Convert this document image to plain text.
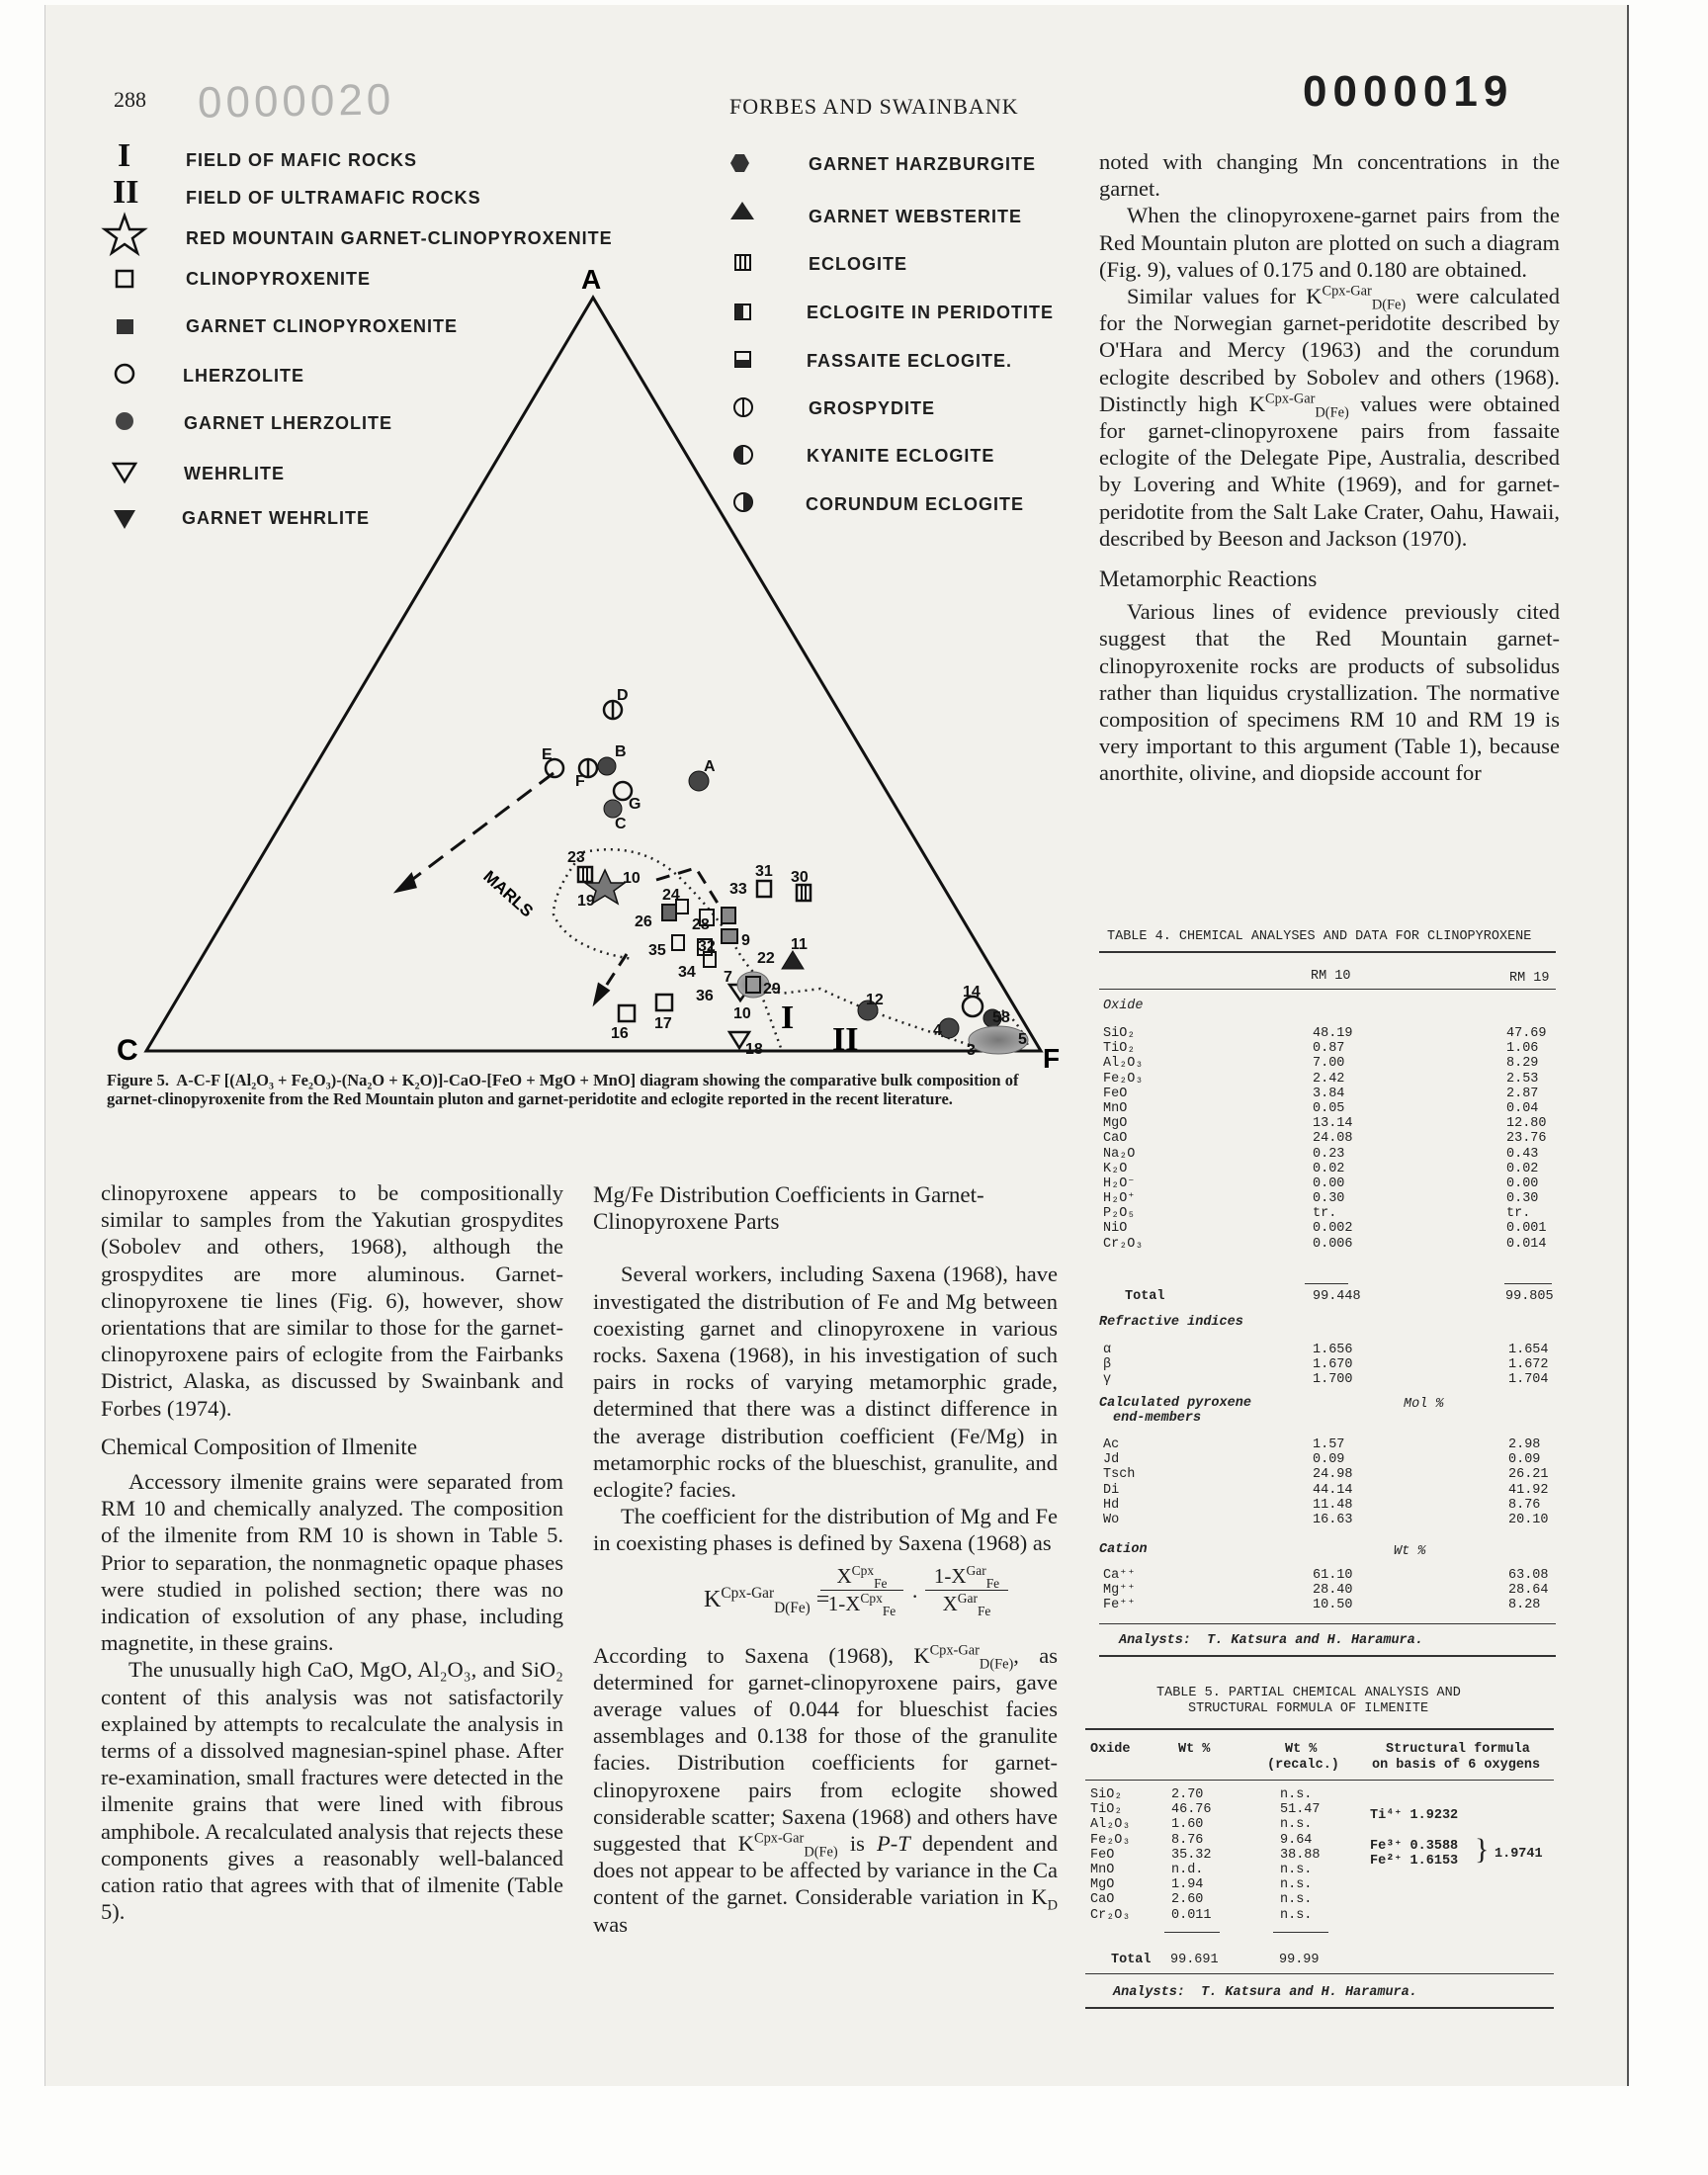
288 0000020	FORBES AND SWAINBANK	0000019
I
II
A
C	F
MARLS
D
B
E
F
G
C
A
23
10
19	24
31
33
30
26	28
35 32 9
34
22
11
7
36	29
12	14
58
4
3
5
16
17
10
18
I
II
FIELD OF MAFIC ROCKS
FIELD OF ULTRAMAFIC ROCKS
RED MOUNTAIN GARNET-CLINOPYROXENITE
CLINOPYROXENITE
GARNET CLINOPYROXENITE
LHERZOLITE
GARNET LHERZOLITE
WEHRLITE
GARNET WEHRLITE
GARNET HARZBURGITE
GARNET WEBSTERITE
ECLOGITE
ECLOGITE IN PERIDOTITE
FASSAITE ECLOGITE.
GROSPYDITE
KYANITE ECLOGITE
CORUNDUM ECLOGITE
Figure 5. A-C-F [(Al₂O₃ + Fe₂O₃)-(Na₂O + K₂O)]-CaO-[FeO + MgO + MnO] diagram showing the comparative bulk composition of garnet-clinopyroxenite from the Red Mountain pluton and garnet-peridotite and eclogite reported in the recent literature.

noted with changing Mn concentrations in the garnet.

When the clinopyroxene-garnet pairs from the Red Mountain pluton are plotted on such a diagram (Fig. 9), values of 0.175 and 0.180 are obtained.

Similar values for $K^{Cpx-Gar}_{D(Fe)}$ were calculated for the Norwegian garnet-peridotite described by O'Hara and Mercy (1963) and the corundum eclogite described by Sobolev and others (1968). Distinctly high $K^{Cpx-Gar}_{D(Fe)}$ values were obtained for garnet-clinopyroxene pairs from fassaite eclogite of the Delegate Pipe, Australia, described by Lovering and White (1969), and for garnet-peridotite from the Salt Lake Crater, Oahu, Hawaii, described by Beeson and Jackson (1970).

Metamorphic Reactions

Various lines of evidence previously cited suggest that the Red Mountain garnet-clinopyroxenite rocks are products of subsolidus rather than liquidus crystallization. The normative composition of specimens RM 10 and RM 19 is very important to this argument (Table 1), because anorthite, olivine, and diopside account for

clinopyroxene appears to be compositionally similar to samples from the Yakutian grospydites (Sobolev and others, 1968), although the grospydites are more aluminous. Garnet-clinopyroxene tie lines (Fig. 6), however, show orientations that are similar to those for the garnet-clinopyroxene pairs of eclogite from the Fairbanks District, Alaska, as discussed by Swainbank and Forbes (1974).

Chemical Composition of Ilmenite

Accessory ilmenite grains were separated from RM 10 and chemically analyzed. The composition of the ilmenite from RM 10 is shown in Table 5. Prior to separation, the nonmagnetic opaque phases were studied in polished section; there was no indication of exsolution of any phase, including magnetite, in these grains.

The unusually high CaO, MgO, Al₂O₃, and SiO₂ content of this analysis was not satisfactorily explained by attempts to recalculate the analysis in terms of a dissolved magnesian-spinel phase. After re-examination, small fractures were detected in the ilmenite grains that were lined with fibrous amphibole. A recalculated analysis that rejects these components gives a reasonably well-balanced cation ratio that agrees with that of ilmenite (Table 5).

Mg/Fe Distribution Coefficients in Garnet-Clinopyroxene Parts

Several workers, including Saxena (1968), have investigated the distribution of Fe and Mg between coexisting garnet and clinopyroxene in various rocks. Saxena (1968), in his investigation of such pairs in rocks of varying metamorphic grade, determined that there was a distinct difference in the average distribution coefficient (Fe/Mg) in metamorphic rocks of the blueschist, granulite, and eclogite? facies.

The coefficient for the distribution of Mg and Fe in coexisting phases is defined by Saxena (1968) as

$K^{Cpx-Gar}_{D(Fe)}$ =
$X^{Cpx}_{Fe}$
$1-X^{Cpx}_{Fe}$
·
$1-X^{Gar}_{Fe}$
$X^{Gar}_{Fe}$

According to Saxena (1968), $K^{Cpx-Gar}_{D(Fe)}$, as determined for garnet-clinopyroxene pairs, gave average values of 0.044 for blueschist facies assemblages and 0.138 for those of the granulite facies. Distribution coefficients for garnet-clinopyroxene pairs from eclogite showed considerable scatter; Saxena (1968) and others have suggested that $K^{Cpx-Gar}_{D(Fe)}$ is P-T dependent and does not appear to be affected by variance in the Ca content of the garnet. Considerable variation in $K_D$ was

TABLE 4. CHEMICAL ANALYSES AND DATA FOR CLINOPYROXENE
RM 10	RM 19
Oxide
SiO₂	48.19	47.69
TiO₂	0.87	1.06
Al₂O₃	7.00	8.29
Fe₂O₃	2.42	2.53
FeO	3.84	2.87
MnO	0.05	0.04
MgO	13.14	12.80
CaO	24.08	23.76
Na₂O	0.23	0.43
K₂O	0.02	0.02
H₂O⁻	0.00	0.00
H₂O⁺	0.30	0.30
P₂O₅	tr.	tr.
NiO	0.002	0.001
Cr₂O₃	0.006	0.014
Total	99.448	99.805
Refractive indices
α	1.656	1.654
β	1.670	1.672
γ	1.700	1.704
Calculated pyroxene
end-members
Mol %
Ac	1.57	2.98
Jd	0.09	0.09
Tsch	24.98	26.21
Di	44.14	41.92
Hd	11.48	8.76
Wo	16.63	20.10
Cation	Wt %
Ca⁺⁺	61.10	63.08
Mg⁺⁺	28.40	28.64
Fe⁺⁺	10.50	8.28
Analysts: T. Katsura and H. Haramura.
TABLE 5. PARTIAL CHEMICAL ANALYSIS AND
STRUCTURAL FORMULA OF ILMENITE
Oxide	Wt %	Wt %
(recalc.)
Structural formula
on basis of 6 oxygens
SiO₂	2.70	n.s.
TiO₂	46.76	51.47
Al₂O₃	1.60	n.s.
Fe₂O₃	8.76	9.64
FeO	35.32	38.88
MnO	n.d.	n.s.
MgO	1.94	n.s.
CaO	2.60	n.s.
Cr₂O₃	0.011	n.s.
Ti⁴⁺ 1.9232
Fe³⁺ 0.3588
Fe²⁺ 1.6153 } 1.9741
Total 99.691	99.99
Analysts: T. Katsura and H. Haramura.
